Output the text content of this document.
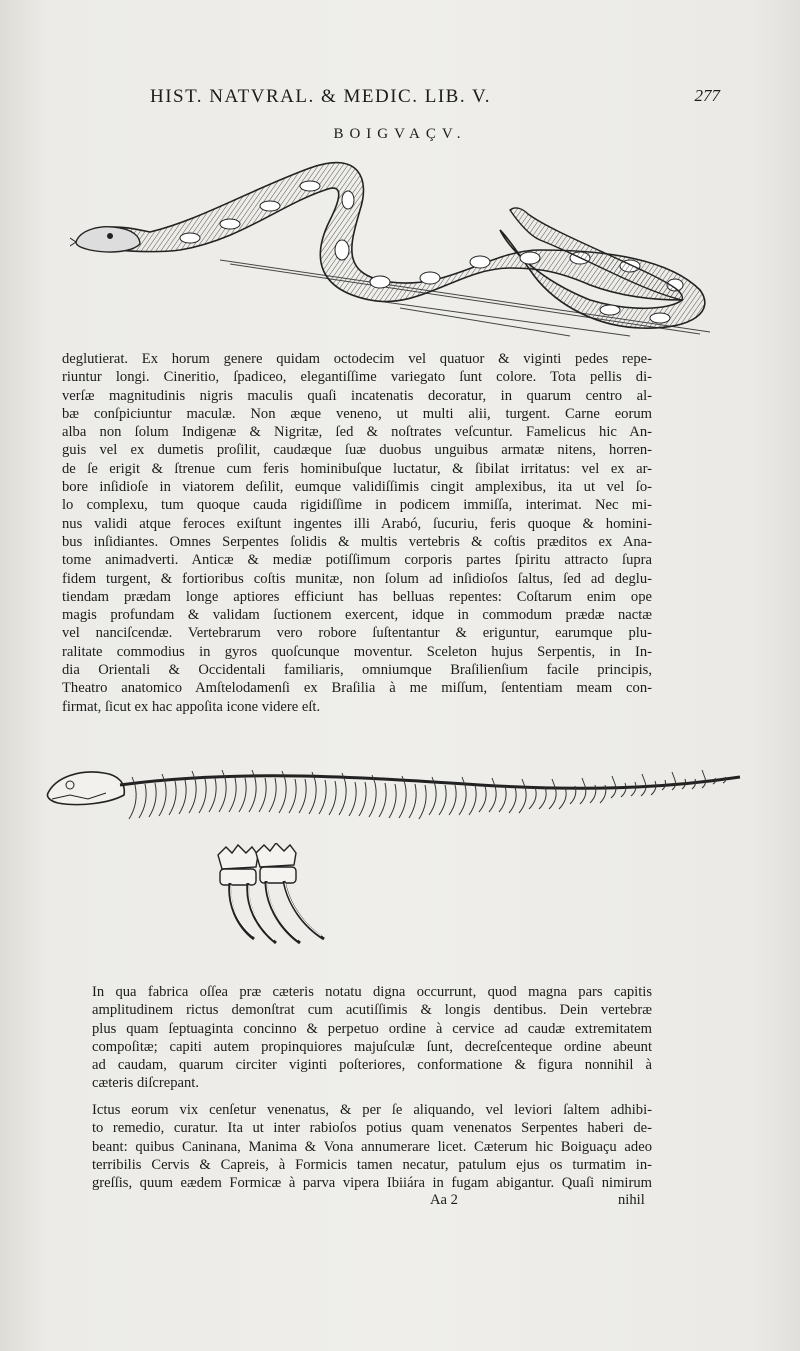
HIST. NATVRAL. & MEDIC. LIB. V.	277
BOIGVAÇV.
deglutierat. Ex horum genere quidam octodecim vel quatuor & viginti pedes repe-
riuntur longi. Cineritio, ſpadiceo, elegantiſſime variegato ſunt colore. Tota pellis di-
verſæ magnitudinis nigris maculis quaſi incatenatis decoratur, in quarum centro al-
bæ conſpiciuntur maculæ. Non æque veneno, ut multi alii, turgent. Carne eorum
alba non ſolum Indigenæ & Nigritæ, ſed & noſtrates veſcuntur. Famelicus hic An-
guis vel ex dumetis proſilit, caudæque ſuæ duobus unguibus armatæ nitens, horren-
de ſe erigit & ſtrenue cum feris hominibuſque luctatur, & ſibilat irritatus: vel ex ar-
bore inſidioſe in viatorem deſilit, eumque validiſſimis cingit amplexibus, ita ut vel ſo-
lo complexu, tum quoque cauda rigidiſſime in podicem immiſſa, interimat. Nec mi-
nus validi atque feroces exiſtunt ingentes illi Arabó, ſucuriu, feris quoque & homini-
bus inſidiantes. Omnes Serpentes ſolidis & multis vertebris & coſtis præditos ex Ana-
tome animadverti. Anticæ & mediæ potiſſimum corporis partes ſpiritu attracto ſupra
fidem turgent, & fortioribus coſtis munitæ, non ſolum ad inſidioſos ſaltus, ſed ad deglu-
tiendam prædam longe aptiores efficiunt has belluas repentes: Coſtarum enim ope
magis profundam & validam ſuctionem exercent, idque in commodum prædæ nactæ
vel nanciſcendæ. Vertebrarum vero robore ſuſtentantur & eriguntur, earumque plu-
ralitate commodius in gyros quoſcunque moventur. Sceleton hujus Serpentis, in In-
dia Orientali & Occidentali familiaris, omniumque Braſilienſium facile principis,
Theatro anatomico Amſtelodamenſi ex Braſilia à me miſſum, ſententiam meam con-
firmat, ſicut ex hac appoſita icone videre eſt.
In qua fabrica oſſea præ cæteris notatu digna occurrunt, quod magna pars capitis
amplitudinem rictus demonſtrat cum acutiſſimis & longis dentibus. Dein vertebræ
plus quam ſeptuaginta concinno & perpetuo ordine à cervice ad caudæ extremitatem
compoſitæ; capiti autem propinquiores majuſculæ ſunt, decreſcenteque ordine abeunt
ad caudam, quarum circiter viginti poſteriores, conformatione & figura nonnihil à
cæteris diſcrepant.
Ictus eorum vix cenſetur venenatus, & per ſe aliquando, vel leviori ſaltem adhibi-
to remedio, curatur. Ita ut inter rabioſos potius quam venenatos Serpentes haberi de-
beant: quibus Caninana, Manima & Vona annumerare licet. Cæterum hic Boiguaçu adeo
terribilis Cervis & Capreis, à Formicis tamen necatur, patulum ejus os turmatim in-
greſſis, quum eædem Formicæ à parva vipera Ibiiára in fugam abigantur. Quaſi nimirum
Aa 2	nihil
